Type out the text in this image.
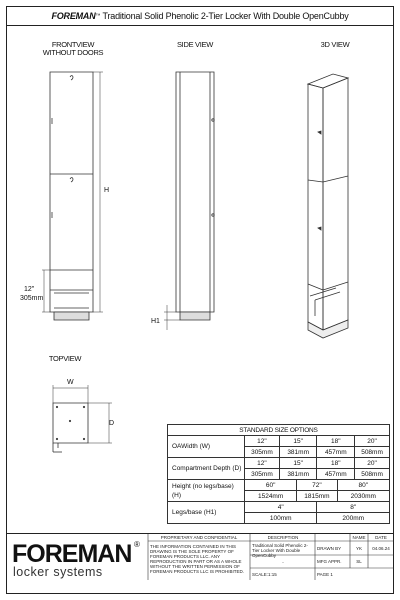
FOREMAN™ Traditional Solid Phenolic 2-Tier Locker With Double OpenCubby
FRONTVIEW
WITHOUT DOORS
SIDE VIEW	3D VIEW
TOPVIEW
H
12"
305mm
H1
W
D
STANDARD SIZE OPTIONS						
OAWidth (W)	12"	15"		18"		20"
	305mm	381mm		457mm		508mm
Compartment Depth (D)	12"	15"		18"		20"
	305mm	381mm		457mm		508mm
Height (no legs/base) (H)	60"		72"		80"	
	1524mm		1815mm		2030mm	
Legs/base (H1)	4"			8"		
	100mm			200mm		
FOREMAN ®
locker systems
PROPRIETARY AND CONFIDENTIAL
THE INFORMATION CONTAINED IN THIS DRAWING IS THE SOLE PROPERTY OF FOREMAN PRODUCTS LLC. ANY REPRODUCTION IN PART OR AS A WHOLE WITHOUT THE WRITTEN PERMISSION OF FOREMAN PRODUCTS LLC IS PROHIBITED.
DESCRIPTION
Traditional Solid Phenolic 2-Tier Locker With Double OpenCubby
-
NAME	DATE
DRAWN BY	YK	04.06.24
MFG APPR.	SL
SCALE:1:15	PAGE 1
